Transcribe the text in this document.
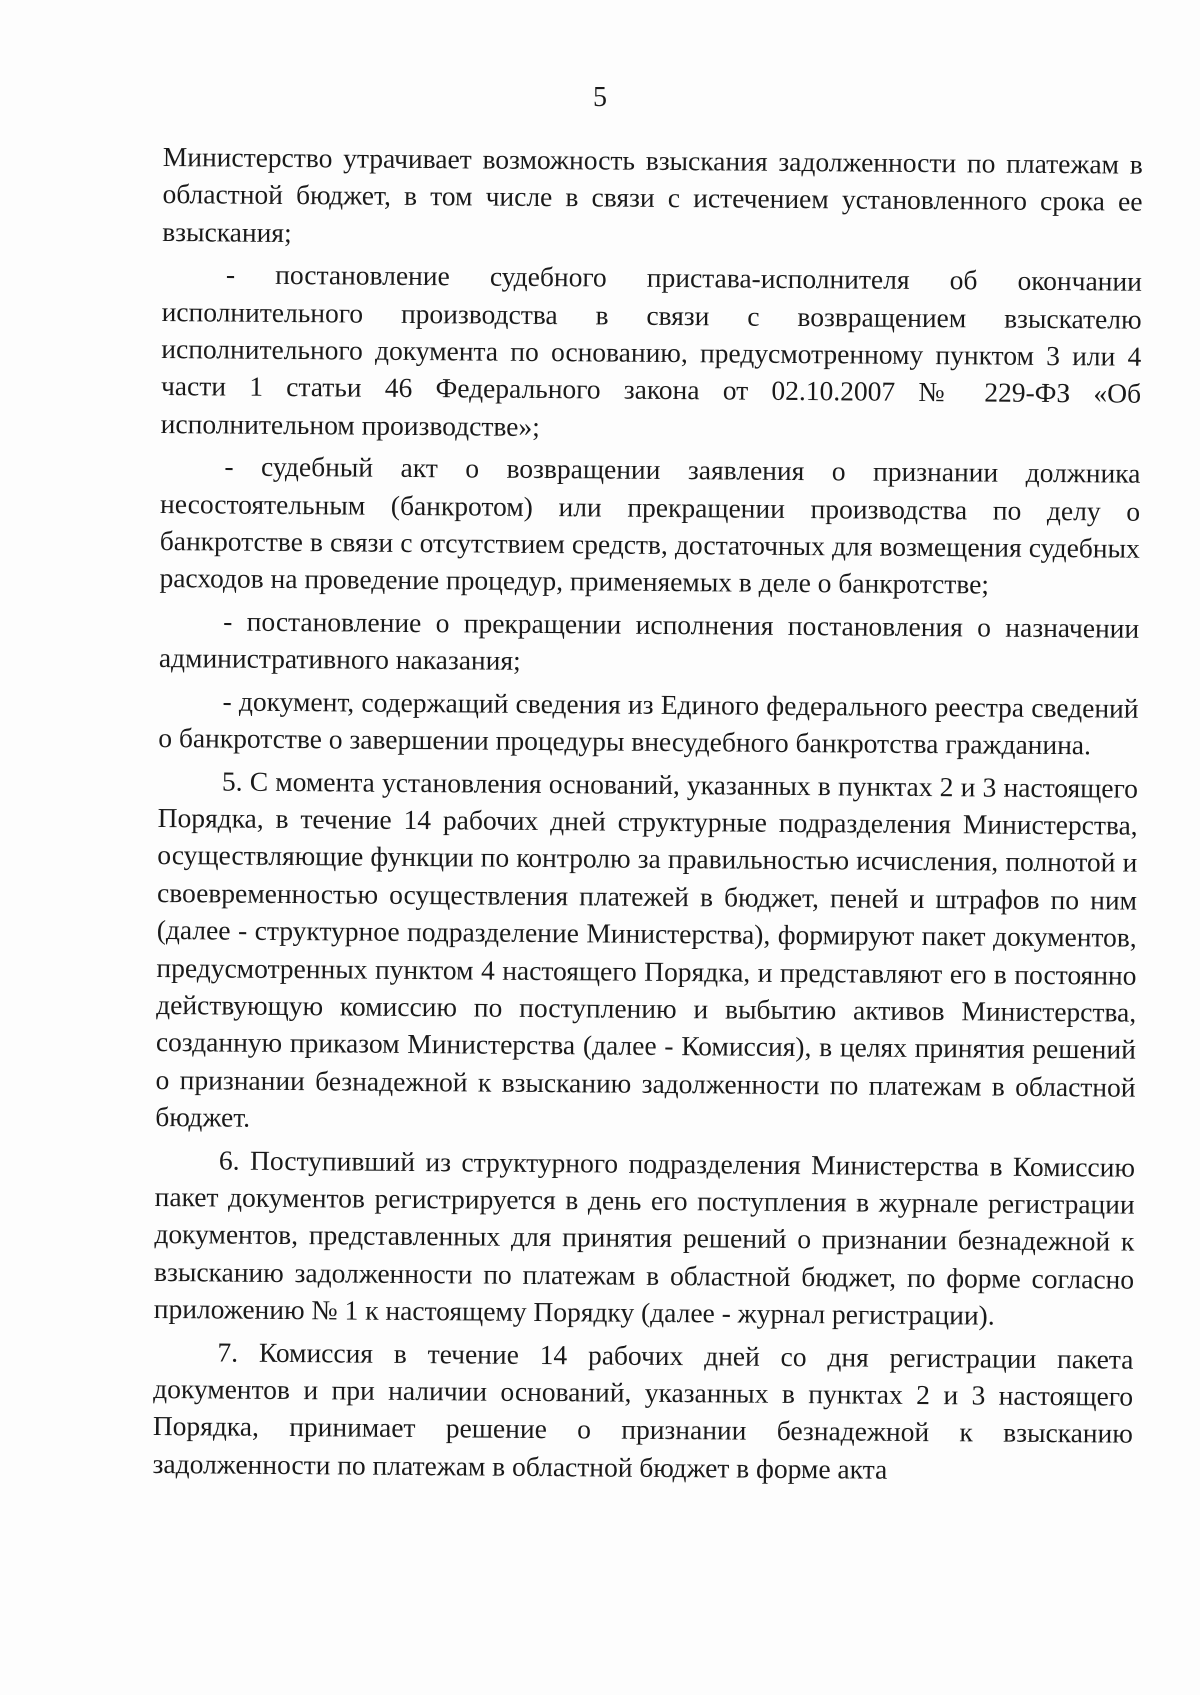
5

Министерство утрачивает возможность взыскания задолженности по платежам в областной бюджет, в том числе в связи с истечением установленного срока ее взыскания;

- постановление судебного пристава-исполнителя об окончании исполнительного производства в связи с возвращением взыскателю исполнительного документа по основанию, предусмотренному пунктом 3 или 4 части 1 статьи 46 Федерального закона от 02.10.2007 № 229-ФЗ «Об исполнительном производстве»;

- судебный акт о возвращении заявления о признании должника несостоятельным (банкротом) или прекращении производства по делу о банкротстве в связи с отсутствием средств, достаточных для возмещения судебных расходов на проведение процедур, применяемых в деле о банкротстве;

- постановление о прекращении исполнения постановления о назначении административного наказания;

- документ, содержащий сведения из Единого федерального реестра сведений о банкротстве о завершении процедуры внесудебного банкротства гражданина.

5. С момента установления оснований, указанных в пунктах 2 и 3 настоящего Порядка, в течение 14 рабочих дней структурные подразделения Министерства, осуществляющие функции по контролю за правильностью исчисления, полнотой и своевременностью осуществления платежей в бюджет, пеней и штрафов по ним (далее - структурное подразделение Министерства), формируют пакет документов, предусмотренных пунктом 4 настоящего Порядка, и представляют его в постоянно действующую комиссию по поступлению и выбытию активов Министерства, созданную приказом Министерства (далее - Комиссия), в целях принятия решений о признании безнадежной к взысканию задолженности по платежам в областной бюджет.

6. Поступивший из структурного подразделения Министерства в Комиссию пакет документов регистрируется в день его поступления в журнале регистрации документов, представленных для принятия решений о признании безнадежной к взысканию задолженности по платежам в областной бюджет, по форме согласно приложению № 1 к настоящему Порядку (далее - журнал регистрации).

7. Комиссия в течение 14 рабочих дней со дня регистрации пакета документов и при наличии оснований, указанных в пунктах 2 и 3 настоящего Порядка, принимает решение о признании безнадежной к взысканию задолженности по платежам в областной бюджет в форме акта
